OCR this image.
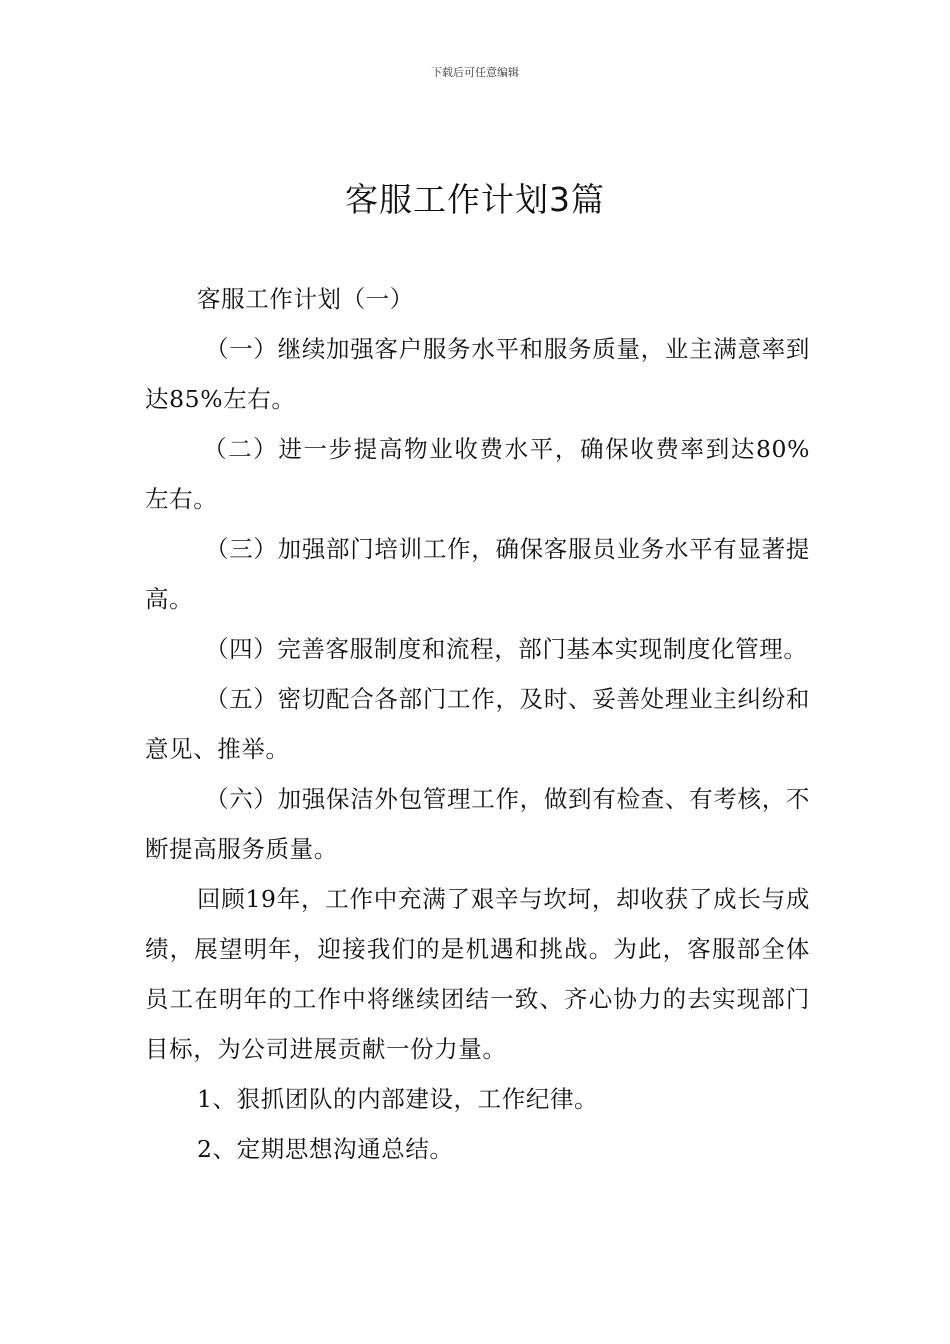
下载后可任意编辑
客服工作计划3篇

客服工作计划（一）

（一）继续加强客户服务水平和服务质量，业主满意率到达85%左右。

（二）进一步提高物业收费水平，确保收费率到达80%左右。

（三）加强部门培训工作，确保客服员业务水平有显著提高。

（四）完善客服制度和流程，部门基本实现制度化管理。

（五）密切配合各部门工作，及时、妥善处理业主纠纷和意见、推举。

（六）加强保洁外包管理工作，做到有检查、有考核，不断提高服务质量。

回顾19年，工作中充满了艰辛与坎坷，却收获了成长与成绩，展望明年，迎接我们的是机遇和挑战。为此，客服部全体员工在明年的工作中将继续团结一致、齐心协力的去实现部门目标，为公司进展贡献一份力量。

1、狠抓团队的内部建设，工作纪律。

2、定期思想沟通总结。
